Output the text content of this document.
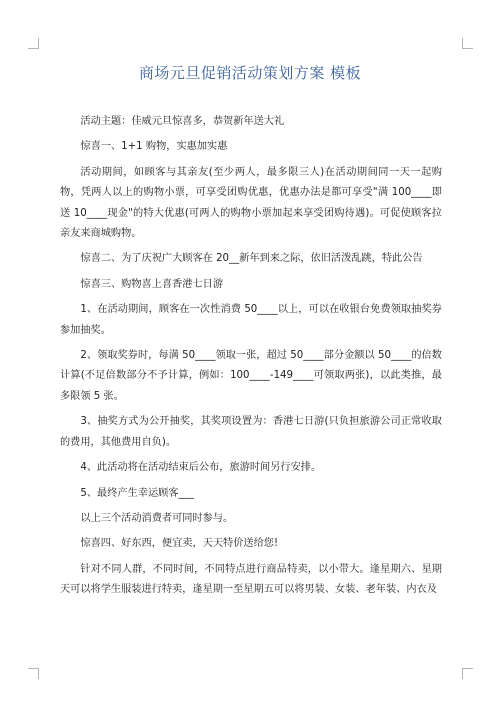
商场元旦促销活动策划方案 模板

活动主题：佳威元旦惊喜多，恭贺新年送大礼

惊喜一、1+1 购物，实惠加实惠

活动期间，如顾客与其亲友(至少两人，最多限三人)在活动期间同一天一起购物，凭两人以上的购物小票，可享受团购优惠，优惠办法是都可享受"满 100____即送 10____现金"的特大优惠(可两人的购物小票加起来享受团购待遇)。可促使顾客拉亲友来商城购物。

惊喜二、为了庆祝广大顾客在 20__新年到来之际，依旧活泼乱跳，特此公告

惊喜三、购物喜上喜香港七日游

1、在活动期间，顾客在一次性消费 50____以上，可以在收银台免费领取抽奖券参加抽奖。

2、领取奖券时，每满 50____领取一张，超过 50____部分金额以 50____的倍数计算(不足倍数部分不予计算，例如：100____-149____可领取两张)，以此类推，最多限领 5 张。

3、抽奖方式为公开抽奖，其奖项设置为：香港七日游(只负担旅游公司正常收取的费用，其他费用自负)。

4、此活动将在活动结束后公布，旅游时间另行安排。

5、最终产生幸运顾客___

以上三个活动消费者可同时参与。

惊喜四、好东西，便宜卖，天天特价送给您!

针对不同人群，不同时间，不同特点进行商品特卖，以小带大。逢星期六、星期天可以将学生服装进行特卖，逢星期一至星期五可以将男装、女装、老年装、内衣及
